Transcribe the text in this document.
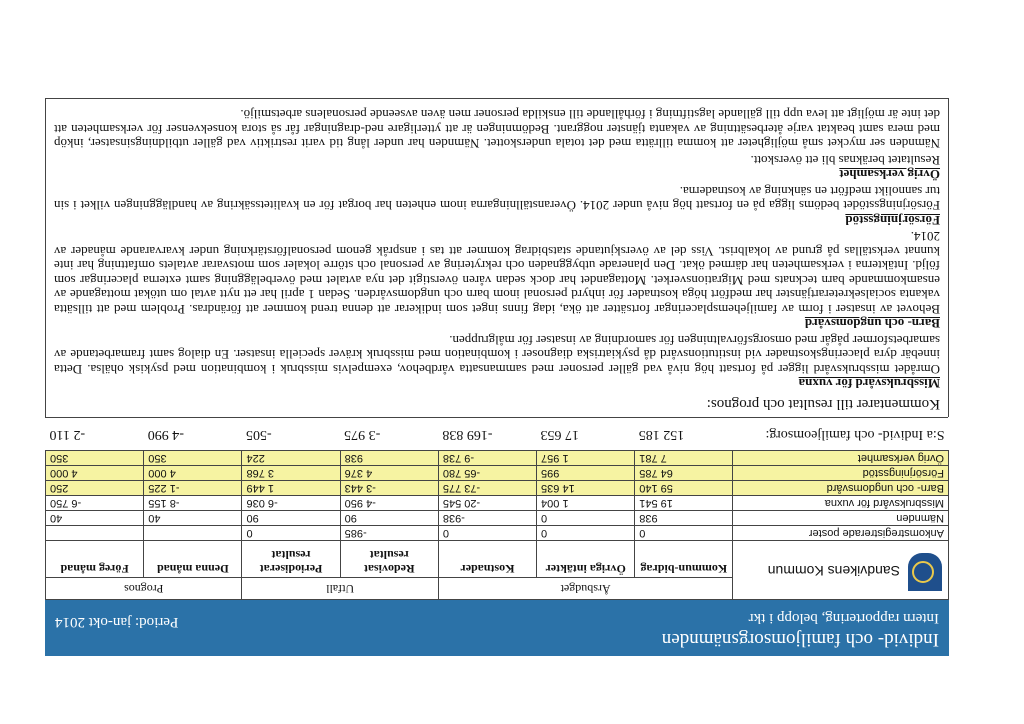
Individ- och familjomsorgsnämnden
Intern rapportering, belopp i tkr
Period: jan-okt 2014
Sandvikens Kommun	Årsbudget			Utfall		Prognos	
	Kommun-bidrag	Övriga intäkter	Kostnader	Redovisat resultat	Periodiserat resultat	Denna månad	Föreg månad
Ankomstregistrerade poster	0	0	0	-985	0		
Nämnden	938	0	-938	90	90	40	40
Missbruksvård för vuxna	19 541	1 004	-20 545	-4 950	-6 036	-8 155	-6 750
Barn- och ungdomsvård	59 140	14 635	-73 775	-3 443	1 449	-1 225	250
Försörjningsstöd	64 785	995	-65 780	4 376	3 768	4 000	4 000
Övrig verksamhet	7 781	1 957	-9 738	938	224	350	350
S:a Individ- och familjeomsorg:	152 185	17 653	-169 838	-3 975	-505	-4 990	-2 110
Kommentarer till resultat och prognos:
Missbruksvård för vuxna
Området missbruksvård ligger på fortsatt hög nivå vad gäller personer med sammansatta vårdbehov, exempelvis missbruk i kombination med psykisk ohälsa. Detta innebär dyra placeringskostnader vid institutionsvård då psykiatriska diagnoser i kombination med missbruk kräver speciella insatser. En dialog samt framarbetande av samarbetsformer pågår med omsorgsförvaltningen för samordning av insatser för målgruppen.
Barn- och ungdomsvård
Behovet av insatser i form av familjehemsplaceringar fortsätter att öka, idag finns inget som indikerar att denna trend kommer att förändras. Problem med att tillsätta vakanta socialsekreterartjänster har medfört höga kostnader för inhyrd personal inom barn och ungdomsvården. Sedan 1 april har ett nytt avtal om utökat mottagande av ensamkommande barn tecknats med Migrationsverket. Mottagandet har dock sedan våren överstigit det nya avtalet med överbeläggning samt externa placeringar som följd. Intäkterna i verksamheten har därmed ökat. Den planerade utbyggnaden och rekrytering av personal och större lokaler som motsvarar avtalets omfattning har inte kunnat verkställas på grund av lokalbrist. Viss del av överskjutande statsbidrag kommer att tas i anspråk genom personalförstärkning under kvarvarande månader av 2014.
Försörjningsstöd
Försörjningsstödet bedöms ligga på en fortsatt hög nivå under 2014. Överanställningarna inom enheten har borgat för en kvalitetssäkring av handläggningen vilket i sin tur sannolikt medfört en sänkning av kostnaderna.
Övrig verksamhet
Resultatet beräknas bli ett överskott.
Nämnden ser mycket små möjligheter att komma tillrätta med det totala underskottet. Nämnden har under lång tid varit restriktiv vad gäller utbildningsinsatser, inköp med mera samt beaktat varje återbesättning av vakanta tjänster noggrant. Bedömningen är att ytterligare ned-dragningar får så stora konsekvenser för verksamheten att det inte är möjligt att leva upp till gällande lagstiftning i förhållande till enskilda personer men även avseende personalens arbetsmiljö.
